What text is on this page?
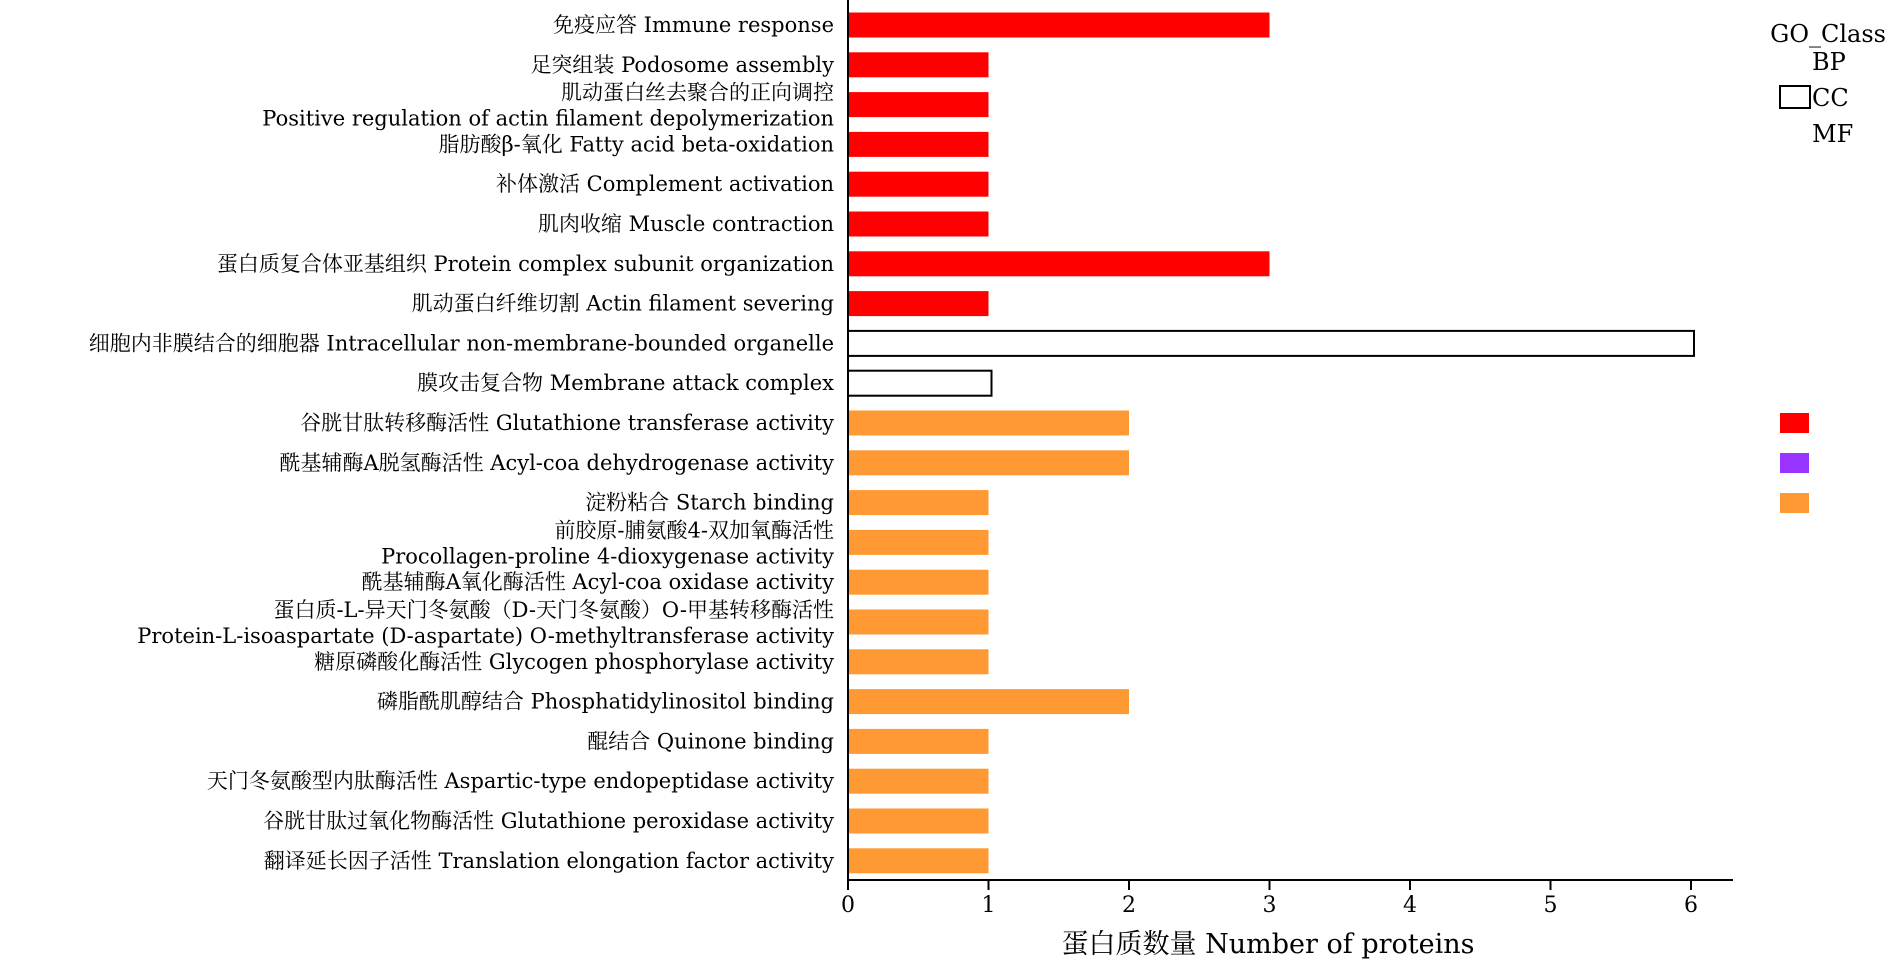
免疫应答 Immune response
足突组装 Podosome assembly
肌动蛋白丝去聚合的正向调控
Positive regulation of actin filament depolymerization
脂肪酸β-氧化 Fatty acid beta-oxidation
补体激活 Complement activation
肌肉收缩 Muscle contraction
蛋白质复合体亚基组织 Protein complex subunit organization
肌动蛋白纤维切割 Actin filament severing
细胞内非膜结合的细胞器 Intracellular non-membrane-bounded organelle
膜攻击复合物 Membrane attack complex
谷胱甘肽转移酶活性 Glutathione transferase activity
酰基辅酶A脱氢酶活性 Acyl-coa dehydrogenase activity
淀粉粘合 Starch binding
前胶原-脯氨酸4-双加氧酶活性
Procollagen-proline 4-dioxygenase activity
酰基辅酶A氧化酶活性 Acyl-coa oxidase activity
蛋白质-L-异天门冬氨酸（D-天门冬氨酸）O-甲基转移酶活性
Protein-L-isoaspartate (D-aspartate) O-methyltransferase activity
糖原磷酸化酶活性 Glycogen phosphorylase activity
磷脂酰肌醇结合 Phosphatidylinositol binding
醌结合 Quinone binding
天门冬氨酸型内肽酶活性 Aspartic-type endopeptidase activity
谷胱甘肽过氧化物酶活性 Glutathione peroxidase activity
翻译延长因子活性 Translation elongation factor activity
0	1	2	3	4	5	6
蛋白质数量 Number of proteins
GO_Class
BP
CC
MF
